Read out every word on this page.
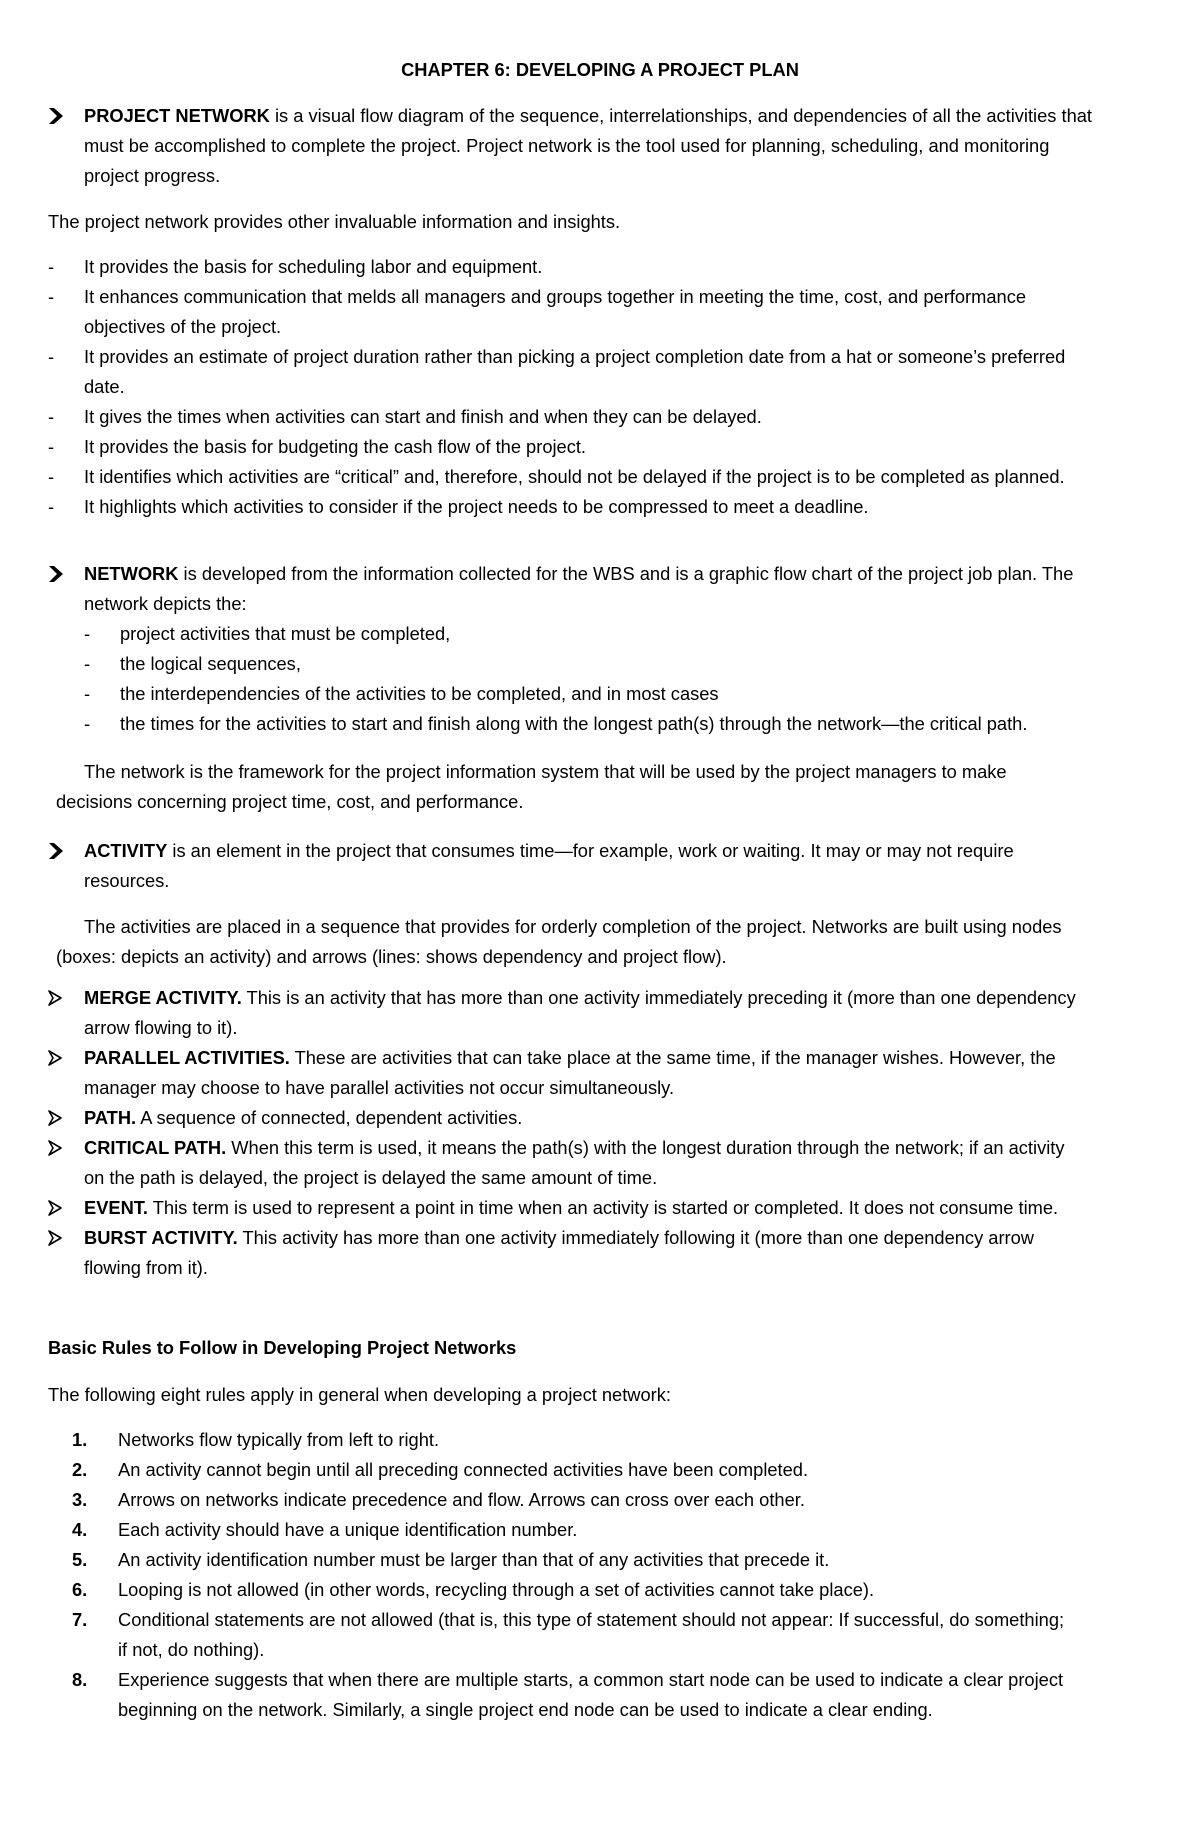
CHAPTER 6: DEVELOPING A PROJECT PLAN
PROJECT NETWORK is a visual flow diagram of the sequence, interrelationships, and dependencies of all the activities that
must be accomplished to complete the project. Project network is the tool used for planning, scheduling, and monitoring
project progress.
The project network provides other invaluable information and insights.
-	It provides the basis for scheduling labor and equipment.
-	It enhances communication that melds all managers and groups together in meeting the time, cost, and performance
objectives of the project.
-	It provides an estimate of project duration rather than picking a project completion date from a hat or someone’s preferred
date.
-	It gives the times when activities can start and finish and when they can be delayed.
-	It provides the basis for budgeting the cash flow of the project.
-	It identifies which activities are “critical” and, therefore, should not be delayed if the project is to be completed as planned.
-	It highlights which activities to consider if the project needs to be compressed to meet a deadline.
NETWORK is developed from the information collected for the WBS and is a graphic flow chart of the project job plan. The
network depicts the:
-	project activities that must be completed,
-	the logical sequences,
-	the interdependencies of the activities to be completed, and in most cases
-	the times for the activities to start and finish along with the longest path(s) through the network—the critical path.
The network is the framework for the project information system that will be used by the project managers to make
decisions concerning project time, cost, and performance.
ACTIVITY is an element in the project that consumes time—for example, work or waiting. It may or may not require
resources.
The activities are placed in a sequence that provides for orderly completion of the project. Networks are built using nodes
(boxes: depicts an activity) and arrows (lines: shows dependency and project flow).
MERGE ACTIVITY. This is an activity that has more than one activity immediately preceding it (more than one dependency
arrow flowing to it).
PARALLEL ACTIVITIES. These are activities that can take place at the same time, if the manager wishes. However, the
manager may choose to have parallel activities not occur simultaneously.
PATH. A sequence of connected, dependent activities.
CRITICAL PATH. When this term is used, it means the path(s) with the longest duration through the network; if an activity
on the path is delayed, the project is delayed the same amount of time.
EVENT. This term is used to represent a point in time when an activity is started or completed. It does not consume time.
BURST ACTIVITY. This activity has more than one activity immediately following it (more than one dependency arrow
flowing from it).
Basic Rules to Follow in Developing Project Networks
The following eight rules apply in general when developing a project network:
1.	Networks flow typically from left to right.
2.	An activity cannot begin until all preceding connected activities have been completed.
3.	Arrows on networks indicate precedence and flow. Arrows can cross over each other.
4.	Each activity should have a unique identification number.
5.	An activity identification number must be larger than that of any activities that precede it.
6.	Looping is not allowed (in other words, recycling through a set of activities cannot take place).
7.	Conditional statements are not allowed (that is, this type of statement should not appear: If successful, do something;
if not, do nothing).
8.	Experience suggests that when there are multiple starts, a common start node can be used to indicate a clear project
beginning on the network. Similarly, a single project end node can be used to indicate a clear ending.
